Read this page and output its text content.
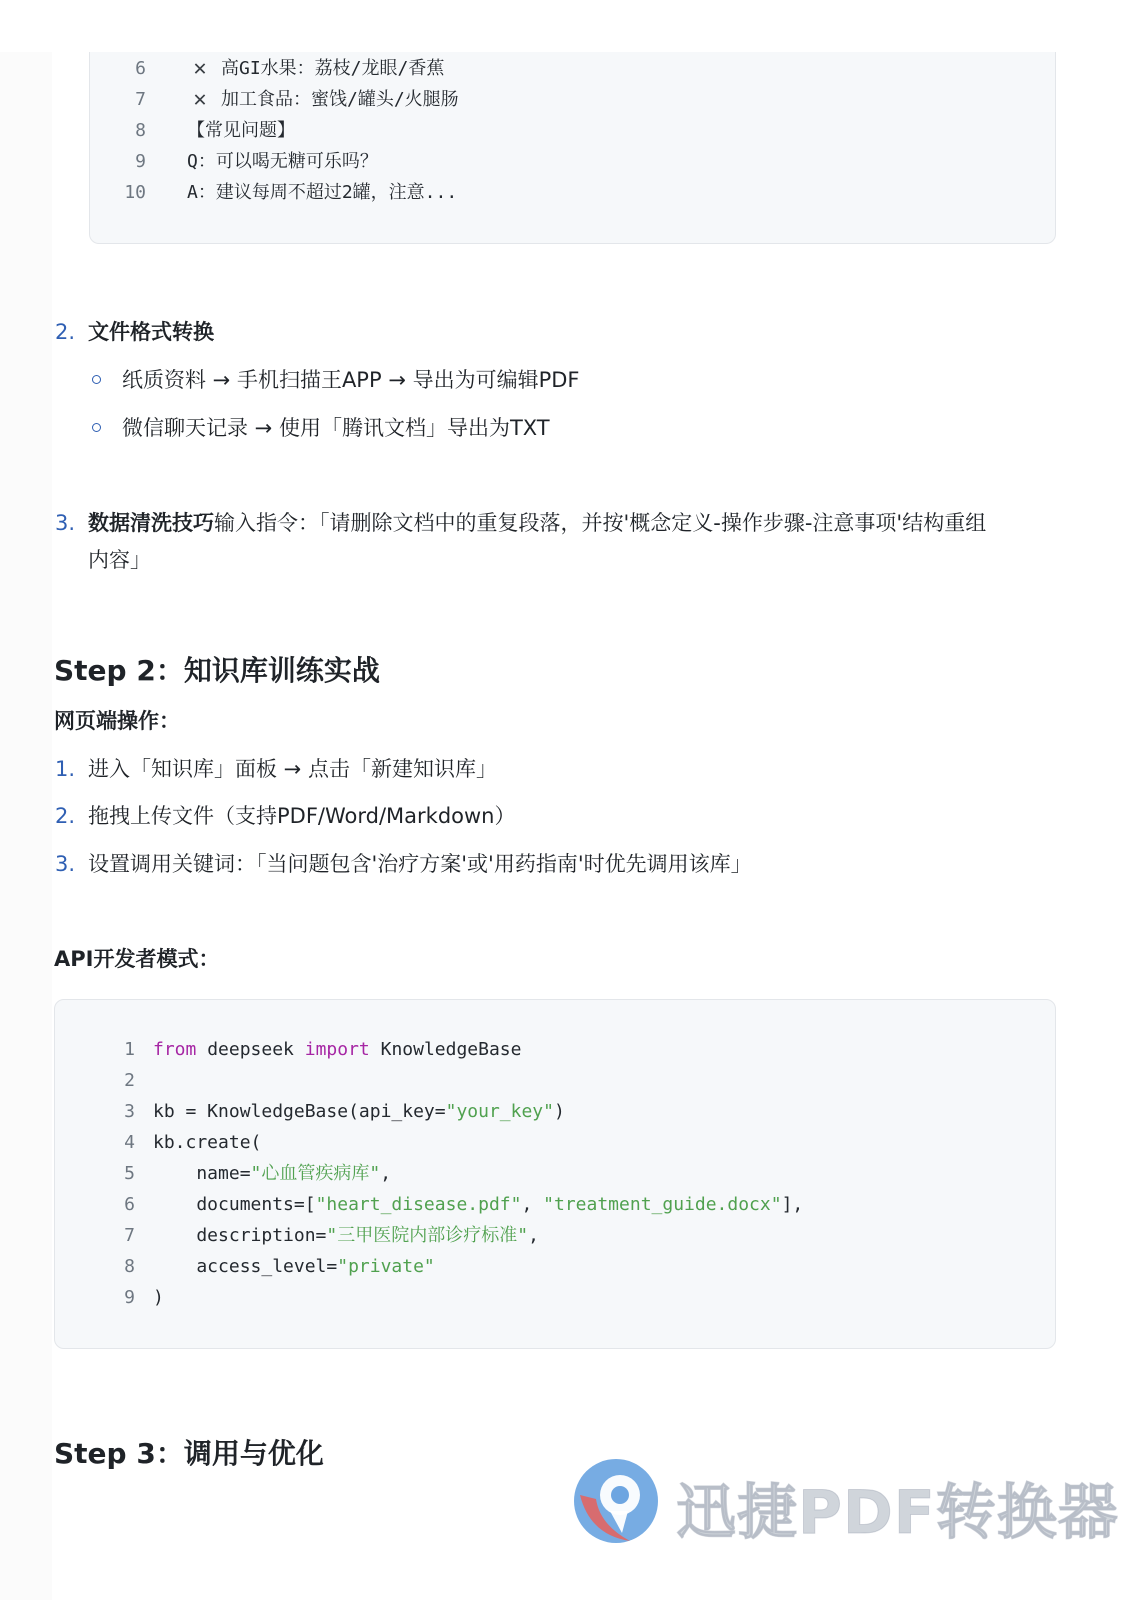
6 ✕ 高GI水果：荔枝/龙眼/香蕉
7 ✕ 加工食品：蜜饯/罐头/火腿肠
8 【常见问题】
9 Q：可以喝无糖可乐吗？
10 A：建议每周不超过2罐，注意...
2. 文件格式转换
纸质资料 → 手机扫描王APP → 导出为可编辑PDF
微信聊天记录 → 使用「腾讯文档」导出为TXT
3. 数据清洗技巧输入指令：「请删除文档中的重复段落，并按'概念定义-操作步骤-注意事项'结构重组
内容」
Step 2：知识库训练实战
网页端操作：
1. 进入「知识库」面板 → 点击「新建知识库」
2. 拖拽上传文件（支持PDF/Word/Markdown）
3. 设置调用关键词：「当问题包含'治疗方案'或'用药指南'时优先调用该库」
API开发者模式：
1 from deepseek import KnowledgeBase
2
3 kb = KnowledgeBase(api_key="your_key")
4 kb.create(
5 name="心血管疾病库",
6 documents=["heart_disease.pdf", "treatment_guide.docx"],
7 description="三甲医院内部诊疗标准",
8 access_level="private"
9 )
Step 3：调用与优化
迅捷PDF转换器
